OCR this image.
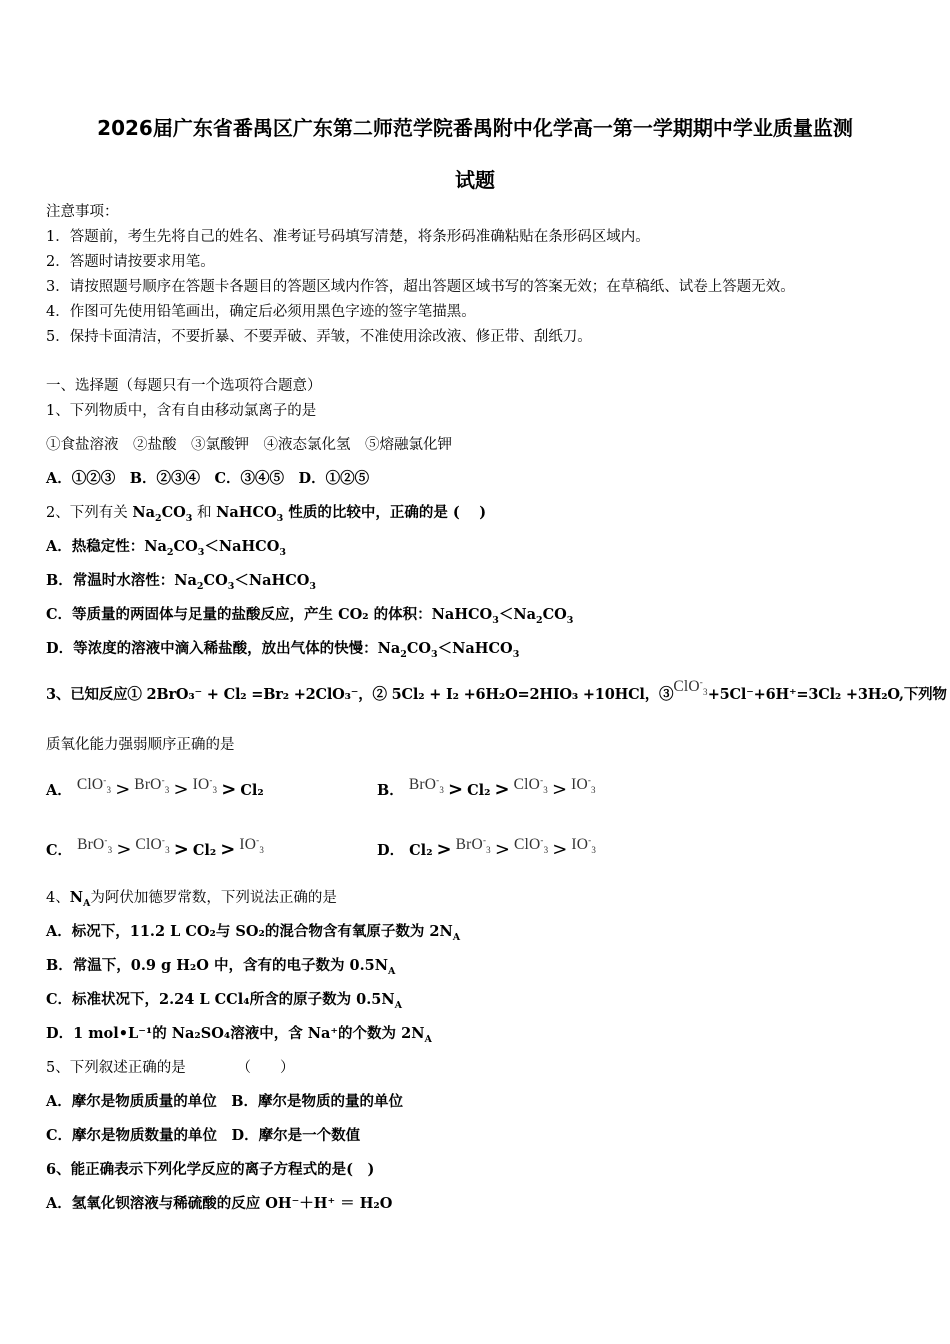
2026届广东省番禺区广东第二师范学院番禺附中化学高一第一学期期中学业质量监测
试题
注意事项：
1．答题前，考生先将自己的姓名、准考证号码填写清楚，将条形码准确粘贴在条形码区域内。
2．答题时请按要求用笔。
3．请按照题号顺序在答题卡各题目的答题区域内作答，超出答题区域书写的答案无效；在草稿纸、试卷上答题无效。
4．作图可先使用铅笔画出，确定后必须用黑色字迹的签字笔描黑。
5．保持卡面清洁，不要折暴、不要弄破、弄皱，不准使用涂改液、修正带、刮纸刀。
一、选择题（每题只有一个选项符合题意）
1、下列物质中，含有自由移动氯离子的是
①食盐溶液　②盐酸　③氯酸钾　④液态氯化氢　⑤熔融氯化钾
A．①②③　B．②③④　C．③④⑤　D．①②⑤
2、下列有关 $Na_2CO_3$ 和 NaHCO$_3$ 性质的比较中，正确的是 (　 )
A．热稳定性：$Na_2CO_3<NaHCO_3$
B．常温时水溶性：$Na_2CO_3<NaHCO_3$
C．等质量的两固体与足量的盐酸反应，产生 CO₂ 的体积：$NaHCO_3<Na_2CO_3$
D．等浓度的溶液中滴入稀盐酸，放出气体的快慢：$Na_2CO_3<NaHCO_3$
3、已知反应① 2BrO₃⁻ + Cl₂ =Br₂ +2ClO₃⁻，② 5Cl₂ + I₂ +6H₂O=2HIO₃ +10HCl，③ClO-$_3$+5Cl⁻+6H⁺=3Cl₂ +3H₂O,下列物
质氧化能力强弱顺序正确的是
A． $ClO^-_3 > BrO^-_3 > IO^-_3 > Cl_2$	B． $BrO^-_3 > Cl_2 > ClO^-_3 > IO^-_3$
C． $BrO^-_3 > ClO^-_3 > Cl_2 > IO^-_3$	D． $Cl_2 > BrO^-_3 > ClO^-_3 > IO^-_3$
4、$N_A$为阿伏加德罗常数，下列说法正确的是
A．标况下，11.2 L CO₂与 SO₂的混合物含有氧原子数为 $2N_A$
B．常温下，0.9 g H₂O 中，含有的电子数为 $0.5N_A$
C．标准状况下，2.24 L CCl₄所含的原子数为 $0.5N_A$
D．1 mol•L⁻¹的 Na₂SO₄溶液中，含 Na⁺的个数为 $2N_A$
5、下列叙述正确的是　　　　（　　）
A．摩尔是物质质量的单位　B．摩尔是物质的量的单位
C．摩尔是物质数量的单位　D．摩尔是一个数值
6、能正确表示下列化学反应的离子方程式的是(　)
A．氢氧化钡溶液与稀硫酸的反应 OH⁻＋H⁺ ＝ H₂O
